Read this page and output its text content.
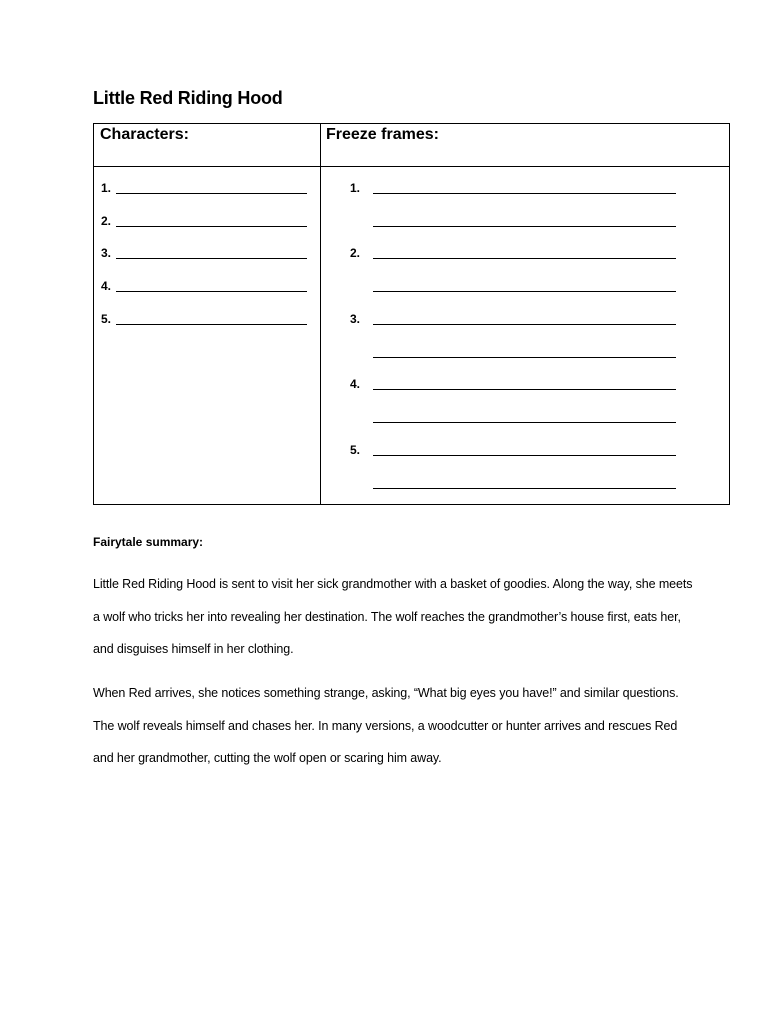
Little Red Riding Hood
Characters:	Freeze frames:
1.
2.
3.
4.
5.
1.
2.
3.
4.
5.
Fairytale summary:

Little Red Riding Hood is sent to visit her sick grandmother with a basket of goodies. Along the way, she meets a wolf who tricks her into revealing her destination. The wolf reaches the grandmother’s house first, eats her, and disguises himself in her clothing.

When Red arrives, she notices something strange, asking, “What big eyes you have!” and similar questions. The wolf reveals himself and chases her. In many versions, a woodcutter or hunter arrives and rescues Red and her grandmother, cutting the wolf open or scaring him away.
